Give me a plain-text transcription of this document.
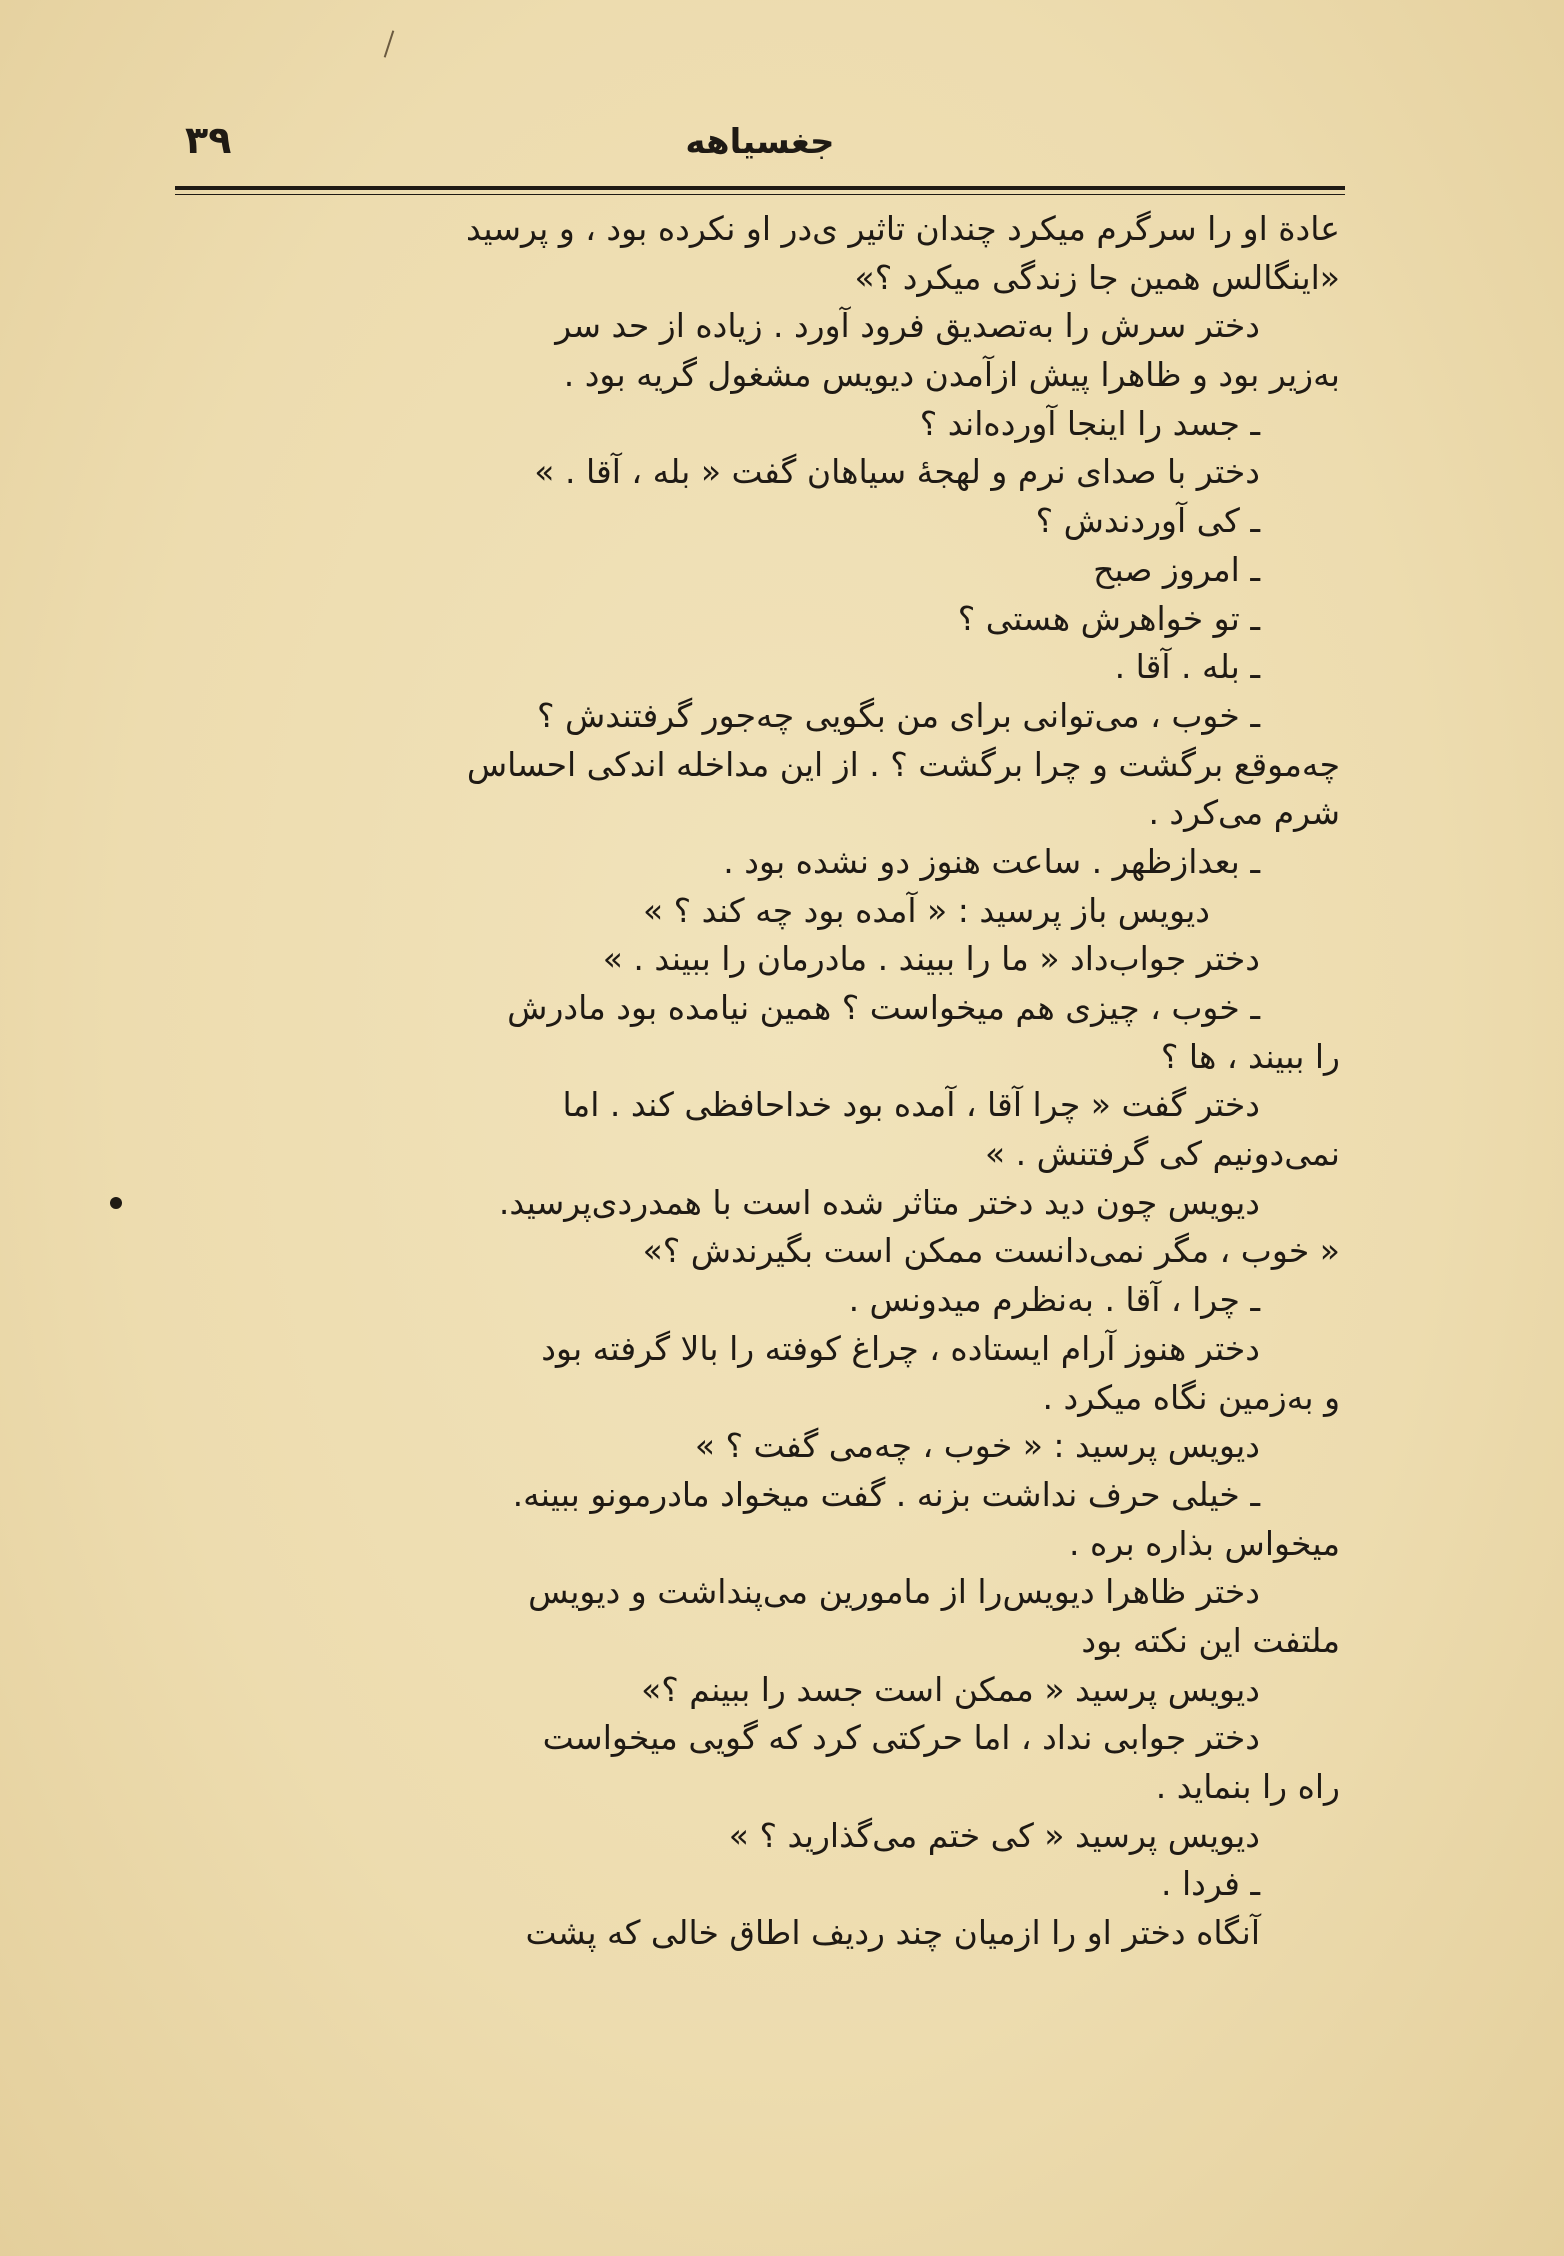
۳۹	جغسیاهه
عادة او را سرگرم میکرد چندان تاثیر ی‌در او نکرده بود ، و پرسید
«اینگالس همین جا زندگی میکرد ؟»
دختر سرش را به‌تصدیق فرود آورد . زیاده از حد سر
به‌زیر بود و ظاهرا پیش ازآمدن دیویس مشغول گریه بود .
ـ جسد را اینجا آورده‌اند ؟
دختر با صدای نرم و لهجهٔ سیاهان گفت « بله ، آقا . »
ـ کی آوردندش ؟
ـ امروز صبح
ـ تو خواهرش هستی ؟
ـ بله . آقا .
ـ خوب ، می‌توانی برای من بگویی چه‌جور گرفتندش ؟
چه‌موقع برگشت و چرا برگشت ؟ . از این مداخله اندکی احساس
شرم می‌کرد .
ـ بعدازظهر . ساعت هنوز دو نشده بود .
دیویس باز پرسید : « آمده بود چه کند ؟ »
دختر جواب‌داد « ما را ببیند . مادرمان را ببیند . »
ـ خوب ، چیزی هم میخواست ؟ همین نیامده بود مادرش
را ببیند ، ها ؟
دختر گفت « چرا آقا ، آمده بود خداحافظی کند . اما
نمی‌دونیم کی گرفتنش . »
دیویس چون دید دختر متاثر شده است با همدردی‌پرسید.
« خوب ، مگر نمی‌دانست ممکن است بگیرندش ؟»
ـ چرا ، آقا . به‌نظرم میدونس .
دختر هنوز آرام ایستاده ، چراغ کوفته را بالا گرفته بود
و به‌زمین نگاه میکرد .
دیویس پرسید : « خوب ، چه‌می گفت ؟ »
ـ خیلی حرف نداشت بزنه . گفت میخواد مادرمونو ببینه.
میخواس بذاره بره .
دختر ظاهرا دیویس‌را از مامورین می‌پنداشت و دیویس
ملتفت این نکته بود
دیویس پرسید « ممکن است جسد را ببینم ؟»
دختر جوابی نداد ، اما حرکتی کرد که گویی میخواست
راه را بنماید .
دیویس پرسید « کی ختم می‌گذارید ؟ »
ـ فردا .
آنگاه دختر او را ازمیان چند ردیف اطاق خالی که پشت
